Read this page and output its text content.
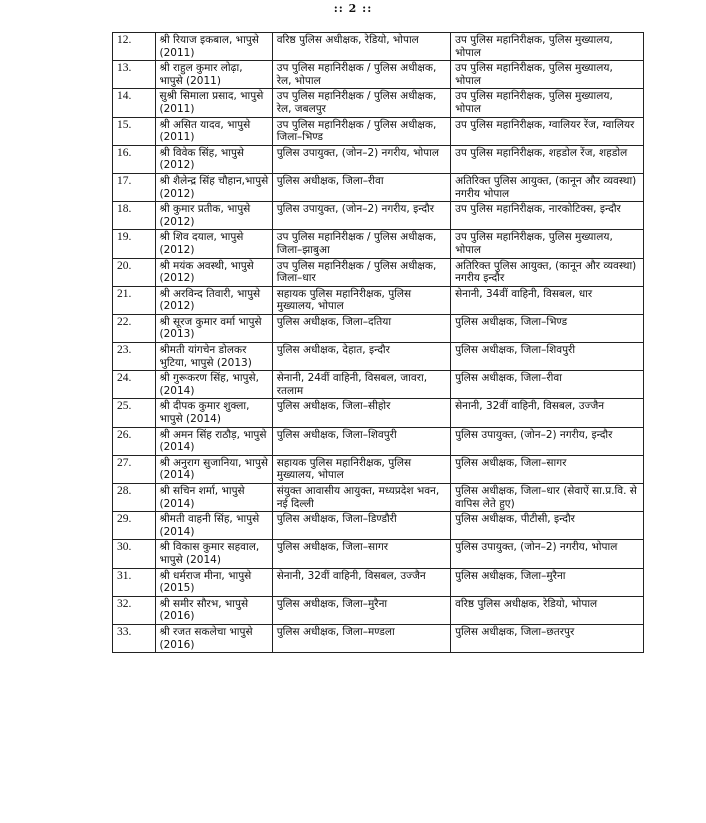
:: 2 ::
12.	श्री रियाज इकबाल, भापुसे (2011)	वरिष्ठ पुलिस अधीक्षक, रेडियो, भोपाल	उप पुलिस महानिरीक्षक, पुलिस मुख्यालय, भोपाल
13.	श्री राहुल कुमार लोढ़ा, भापुसे (2011)	उप पुलिस महानिरीक्षक / पुलिस अधीक्षक, रेल, भोपाल	उप पुलिस महानिरीक्षक, पुलिस मुख्यालय, भोपाल
14.	सुश्री सिमाला प्रसाद, भापुसे (2011)	उप पुलिस महानिरीक्षक / पुलिस अधीक्षक, रेल, जबलपुर	उप पुलिस महानिरीक्षक, पुलिस मुख्यालय, भोपाल
15.	श्री असित यादव, भापुसे (2011)	उप पुलिस महानिरीक्षक / पुलिस अधीक्षक, जिला–भिण्ड	उप पुलिस महानिरीक्षक, ग्वालियर रेंज, ग्वालियर
16.	श्री विवेक सिंह, भापुसे (2012)	पुलिस उपायुक्त, (जोन–2) नगरीय, भोपाल	उप पुलिस महानिरीक्षक, शहडोल रेंज, शहडोल
17.	श्री शैलेन्द्र सिंह चौहान,भापुसे (2012)	पुलिस अधीक्षक, जिला–रीवा	अतिरिक्त पुलिस आयुक्त, (कानून और व्यवस्था) नगरीय भोपाल
18.	श्री कुमार प्रतीक, भापुसे (2012)	पुलिस उपायुक्त, (जोन–2) नगरीय, इन्दौर	उप पुलिस महानिरीक्षक, नारकोटिक्स, इन्दौर
19.	श्री शिव दयाल, भापुसे (2012)	उप पुलिस महानिरीक्षक / पुलिस अधीक्षक, जिला–झाबुआ	उप पुलिस महानिरीक्षक, पुलिस मुख्यालय, भोपाल
20.	श्री मयंक अवस्थी, भापुसे (2012)	उप पुलिस महानिरीक्षक / पुलिस अधीक्षक, जिला–धार	अतिरिक्त पुलिस आयुक्त, (कानून और व्यवस्था) नगरीय इन्दौर
21.	श्री अरविन्द तिवारी, भापुसे (2012)	सहायक पुलिस महानिरीक्षक, पुलिस मुख्यालय, भोपाल	सेनानी, 34वीं वाहिनी, विसबल, धार
22.	श्री सूरज कुमार वर्मा भापुसे (2013)	पुलिस अधीक्षक, जिला–दतिया	पुलिस अधीक्षक, जिला–भिण्ड
23.	श्रीमती यांगचेन डोलकर भुटिया, भापुसे (2013)	पुलिस अधीक्षक, देहात, इन्दौर	पुलिस अधीक्षक, जिला–शिवपुरी
24.	श्री गुरूकरण सिंह, भापुसे, (2014)	सेनानी, 24वीं वाहिनी, विसबल, जावरा, रतलाम	पुलिस अधीक्षक, जिला–रीवा
25.	श्री दीपक कुमार शुक्ला, भापुसे (2014)	पुलिस अधीक्षक, जिला–सीहोर	सेनानी, 32वीं वाहिनी, विसबल, उज्जैन
26.	श्री अमन सिंह राठौड़, भापुसे (2014)	पुलिस अधीक्षक, जिला–शिवपुरी	पुलिस उपायुक्त, (जोन–2) नगरीय, इन्दौर
27.	श्री अनुराग सुजानिया, भापुसे (2014)	सहायक पुलिस महानिरीक्षक, पुलिस मुख्यालय, भोपाल	पुलिस अधीक्षक, जिला–सागर
28.	श्री सचिन शर्मा, भापुसे (2014)	संयुक्त आवासीय आयुक्त, मध्यप्रदेश भवन, नई दिल्ली	पुलिस अधीक्षक, जिला–धार (सेवाऐं सा.प्र.वि. से वापिस लेते हुए)
29.	श्रीमती वाहनी सिंह, भापुसे (2014)	पुलिस अधीक्षक, जिला–डिण्डौरी	पुलिस अधीक्षक, पीटीसी, इन्दौर
30.	श्री विकास कुमार सहवाल, भापुसे (2014)	पुलिस अधीक्षक, जिला–सागर	पुलिस उपायुक्त, (जोन–2) नगरीय, भोपाल
31.	श्री धर्मराज मीना, भापुसे (2015)	सेनानी, 32वीं वाहिनी, विसबल, उज्जैन	पुलिस अधीक्षक, जिला–मुरैना
32.	श्री समीर सौरभ, भापुसे (2016)	पुलिस अधीक्षक, जिला–मुरैना	वरिष्ठ पुलिस अधीक्षक, रेडियो, भोपाल
33.	श्री रजत सकलेचा भापुसे (2016)	पुलिस अधीक्षक, जिला–मण्डला	पुलिस अधीक्षक, जिला–छतरपुर
